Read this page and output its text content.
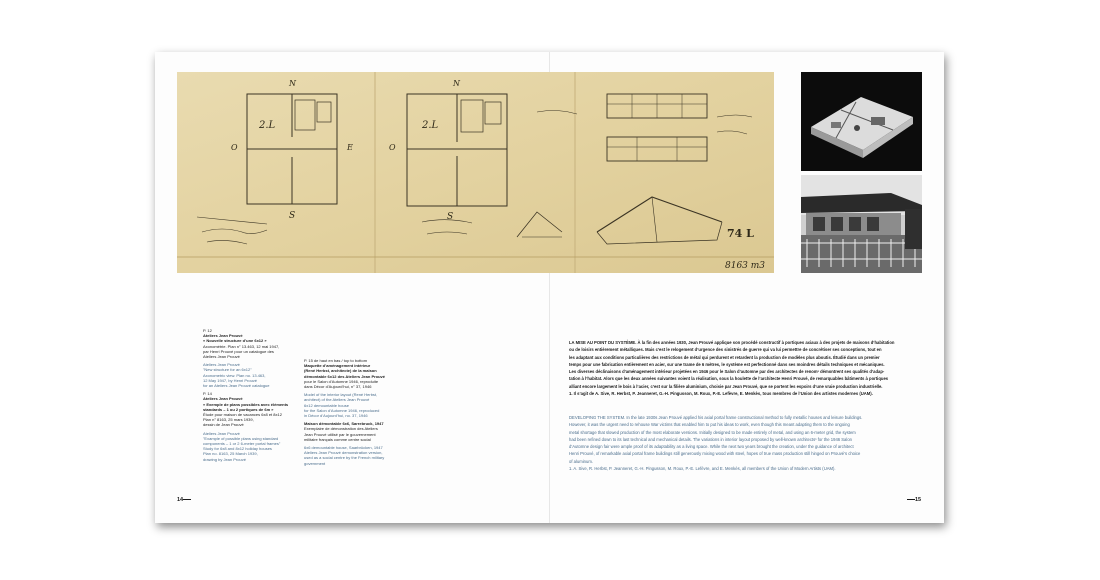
N	N
S	S
O	E	O
2.L	2.L
74 L
8163 m3

P. 12

Ateliers Jean Prouvé
« Nouvelle structure d’une 6x12 »
Axonométrie. Plan n° 13.463, 12 mai 1947,
par Henri Prouvé pour un catalogue des
Ateliers Jean Prouvé

Ateliers Jean Prouvé
"New structure for an 6x12"
Axonometric view. Plan no. 13.463,
12 May 1947, by Henri Prouvé
for an Ateliers Jean Prouvé catalogue

P. 14
Ateliers Jean Prouvé
« Exemple de plans possibles avec éléments
standards – 1 ou 2 portiques de 6m »
Étude pour maison de vacances 6x8 et 8x12
Plan n° 8163, 25 mars 1939,
dessin de Jean Prouvé

Ateliers Jean Prouvé
"Example of possible plans using standard
components – 1 or 2 6-meter portal frames"
Study for 6x8 and 8x12 holiday houses
Plan no. 8163, 25 March 1939,
drawing by Jean Prouvé

P. 15 de haut en bas / top to bottom
Maquette d’aménagement intérieur
(René Herbst, architecte) de la maison
démontable 6x12 des Ateliers Jean Prouvé
pour le Salon d’Automne 1946, reproduite
dans Décor d’Aujourd’hui, n° 37, 1946

Model of the interior layout (René Herbst,
architect) of the Ateliers Jean Prouvé
6x12 demountable house
for the Salon d’Automne 1946, reproduced
in Décor d’Aujourd’hui, no. 37, 1946

Maison démontable 6x6, Sarrebruck, 1947
Exemplaire de démonstration des Ateliers
Jean Prouvé utilisé par le gouvernement
militaire français comme centre social

6x6 demountable house, Saarbrücken, 1947
Ateliers Jean Prouvé demonstration version,
used as a social centre by the French military
government

LA MISE AU POINT DU SYSTÈME. À la fin des années 1930, Jean Prouvé applique son procédé constructif à portiques axiaux à des projets de maisons d’habitation
ou de loisirs entièrement métalliques. Mais c’est le relogement d’urgence des sinistrés de guerre qui va lui permettre de concrétiser ses conceptions, tout en
les adaptant aux conditions particulières des restrictions de métal qui perdurent et retardent la production de modèles plus aboutis. Étudié dans un premier
temps pour une fabrication entièrement en acier, sur une trame de 6 mètres, le système est perfectionné dans ses moindres détails techniques et mécaniques.
Les diverses déclinaisons d’aménagement intérieur projetées en 1946 pour le Salon d’automne par des architectes de renom¹ démontrent ses qualités d’adap-
tation à l’habitat. Alors que les deux années suivantes voient la réalisation, sous la houlette de l’architecte Henri Prouvé, de remarquables bâtiments à portiques
alliant encore largement le bois à l’acier, c’est sur la filière aluminium, choisie par Jean Prouvé, que se portent les espoirs d’une vraie production industrielle.
1. Il s’agit de A. Sive, R. Herbst, P. Jeanneret, G.-H. Pingusson, M. Roux, P.-E. Lefèvre, E. Menkès, tous membres de l’Union des artistes modernes (UAM).
DEVELOPING THE SYSTEM. In the late 1930s Jean Prouvé applied his axial portal frame constructional method to fully metallic houses and leisure buildings.
However, it was the urgent need to rehouse War victims that enabled him to put his ideas to work, even though this meant adapting them to the ongoing
metal shortage that slowed production of the most elaborate versions. Initially designed to be made entirely of metal, and using an 6-meter grid, the system
had been refined down to its last technical and mechanical details. The variations in interior layout proposed by well-known architects¹ for the 1946 Salon
d’Automne design fair were ample proof of its adaptability as a living space. While the next two years brought the creation, under the guidance of architect
Henri Prouvé, of remarkable axial portal frame buildings still generously mixing wood with steel, hopes of true mass production still hinged on Prouvé’s choice
of aluminum.
1. A. Sive, R. Herbst, P. Jeanneret, G.-H. Pingusson, M. Roux, P.-E. Lefèvre, and E. Menkès, all members of the Union of Modern Artists (UAM).
14	15
